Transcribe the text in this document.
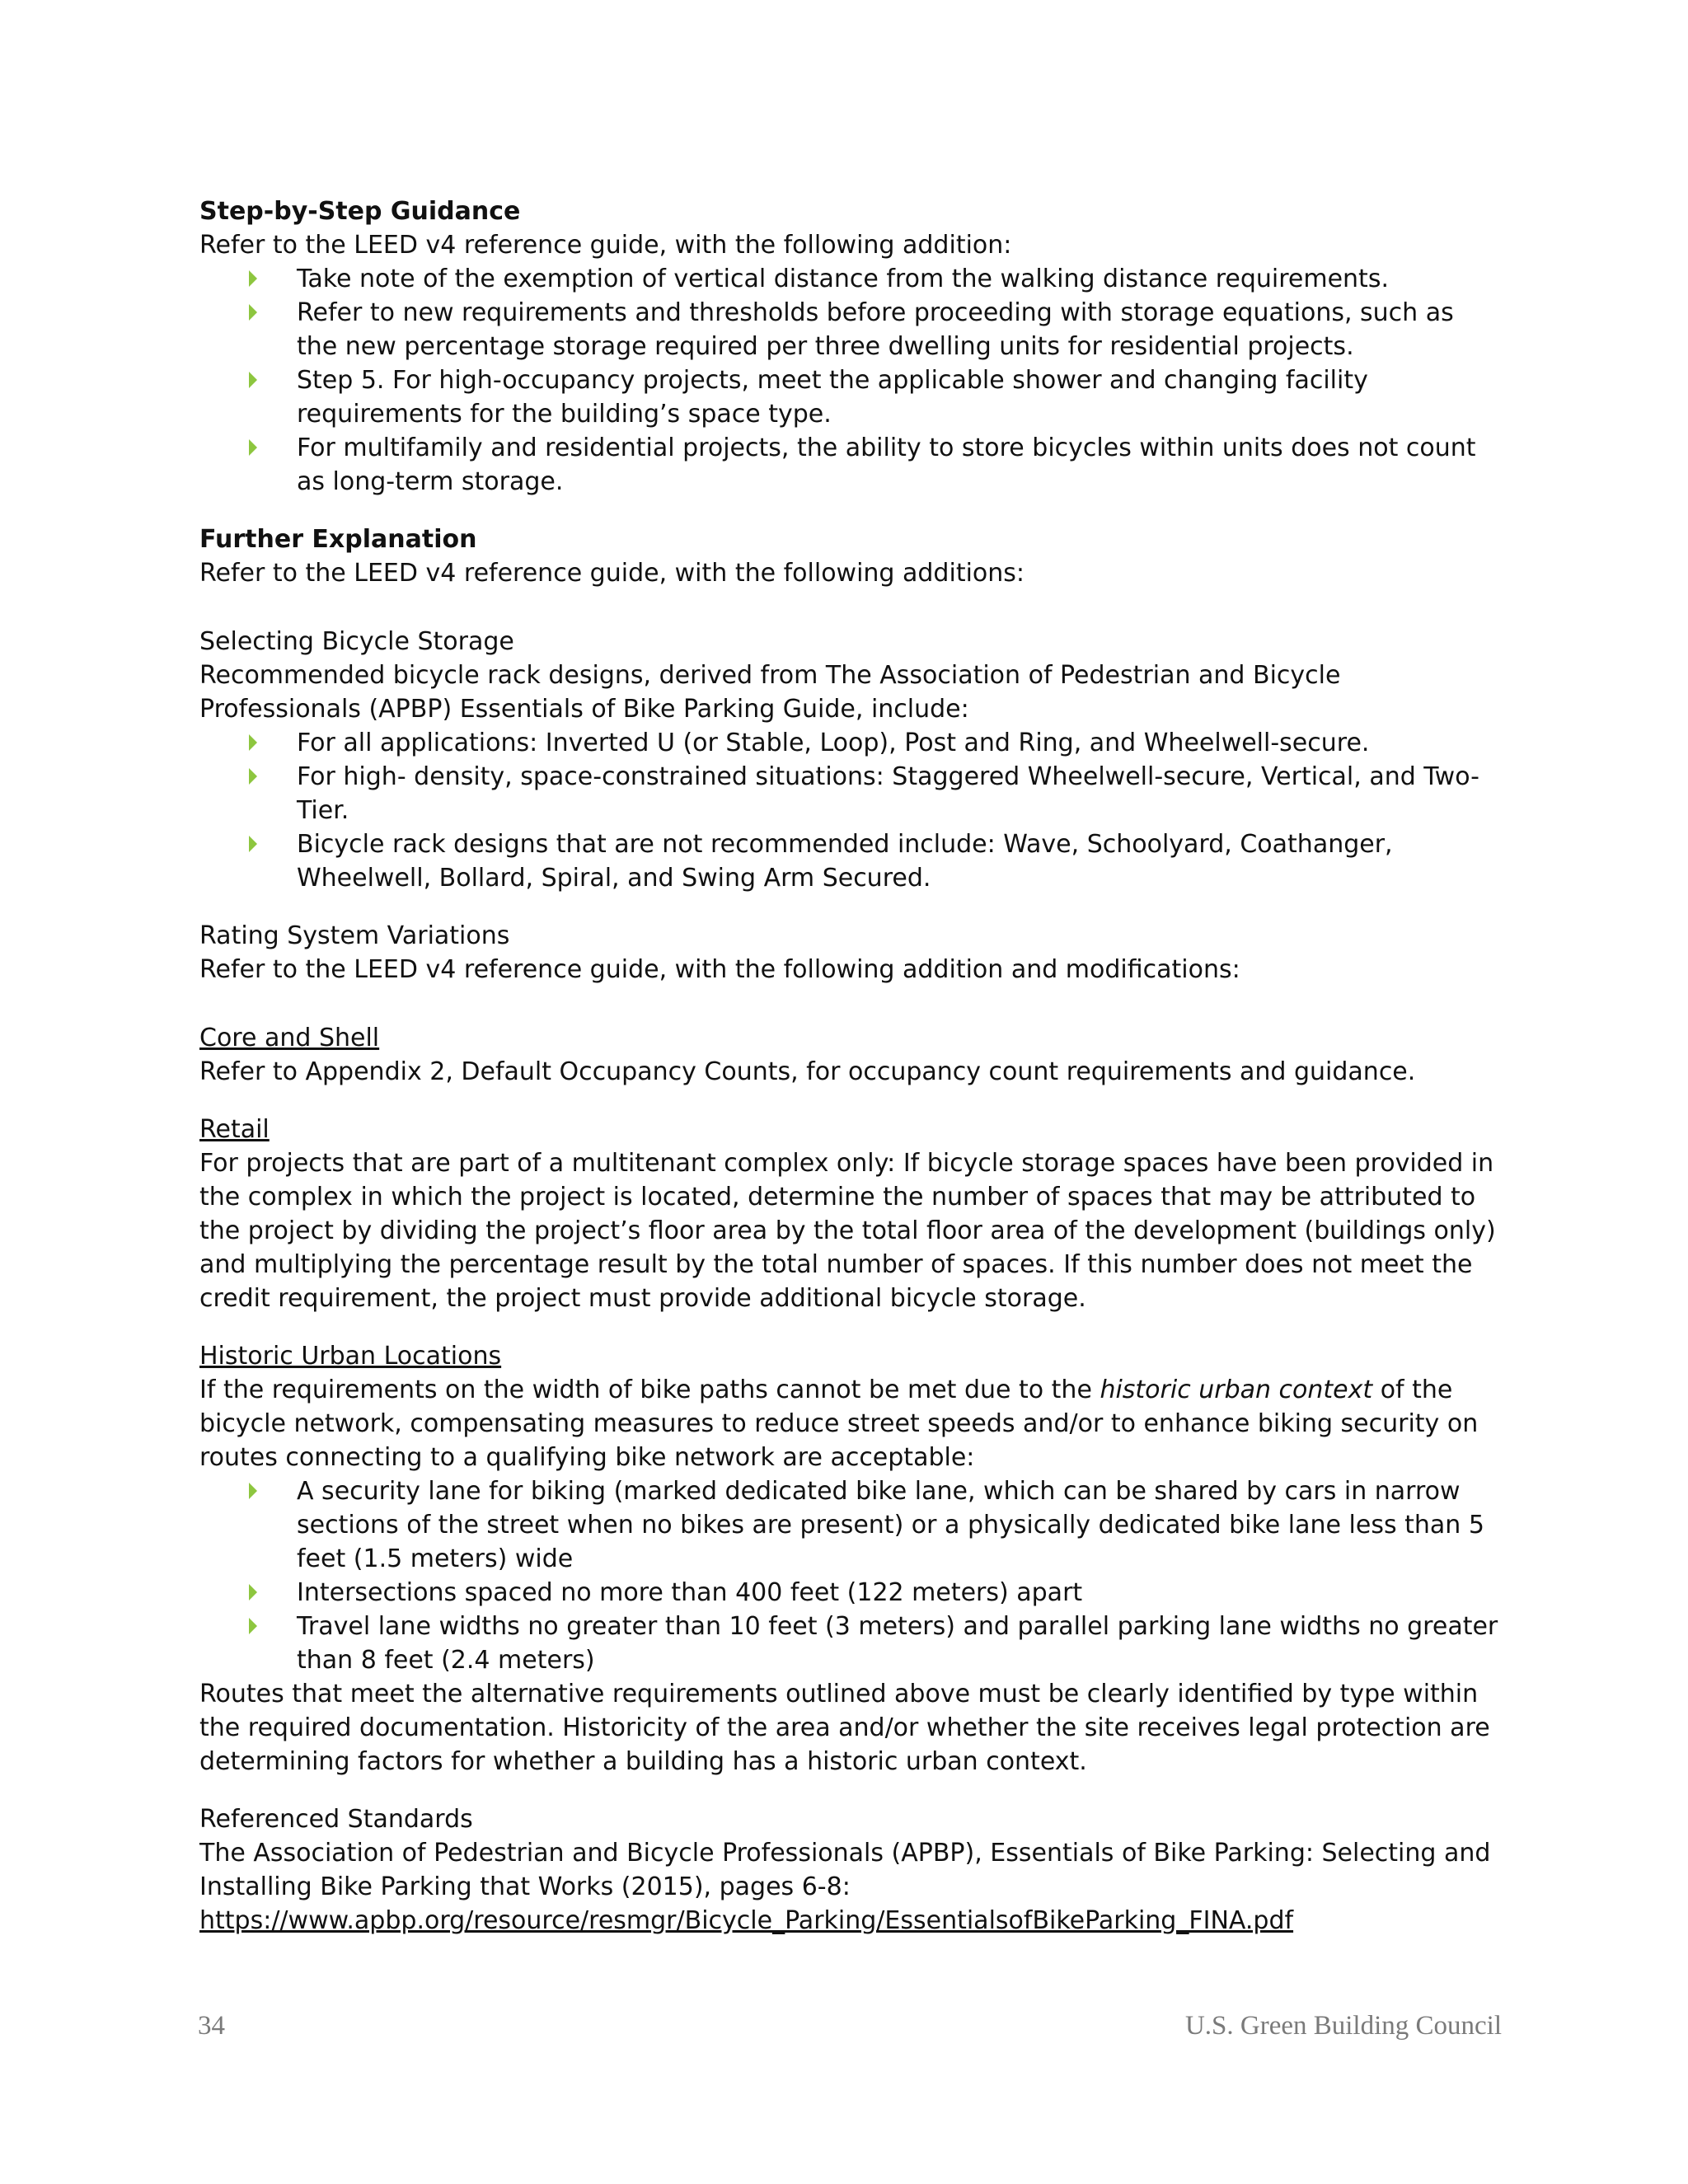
Step-by-Step Guidance

Refer to the LEED v4 reference guide, with the following addition:

Take note of the exemption of vertical distance from the walking distance requirements.
Refer to new requirements and thresholds before proceeding with storage equations, such as the new percentage storage required per three dwelling units for residential projects.
Step 5. For high-occupancy projects, meet the applicable shower and changing facility requirements for the building’s space type.
For multifamily and residential projects, the ability to store bicycles within units does not count as long-term storage.

Further Explanation

Refer to the LEED v4 reference guide, with the following additions:

Selecting Bicycle Storage

Recommended bicycle rack designs, derived from The Association of Pedestrian and Bicycle Professionals (APBP) Essentials of Bike Parking Guide, include:

For all applications: Inverted U (or Stable, Loop), Post and Ring, and Wheelwell-secure.
For high- density, space-constrained situations: Staggered Wheelwell-secure, Vertical, and Two-Tier.
Bicycle rack designs that are not recommended include: Wave, Schoolyard, Coathanger, Wheelwell, Bollard, Spiral, and Swing Arm Secured.

Rating System Variations

Refer to the LEED v4 reference guide, with the following addition and modifications:

Core and Shell

Refer to Appendix 2, Default Occupancy Counts, for occupancy count requirements and guidance.

Retail

For projects that are part of a multitenant complex only: If bicycle storage spaces have been provided in the complex in which the project is located, determine the number of spaces that may be attributed to the project by dividing the project’s floor area by the total floor area of the development (buildings only) and multiplying the percentage result by the total number of spaces. If this number does not meet the credit requirement, the project must provide additional bicycle storage.

Historic Urban Locations

If the requirements on the width of bike paths cannot be met due to the historic urban context of the bicycle network, compensating measures to reduce street speeds and/or to enhance biking security on routes connecting to a qualifying bike network are acceptable:

A security lane for biking (marked dedicated bike lane, which can be shared by cars in narrow sections of the street when no bikes are present) or a physically dedicated bike lane less than 5 feet (1.5 meters) wide
Intersections spaced no more than 400 feet (122 meters) apart
Travel lane widths no greater than 10 feet (3 meters) and parallel parking lane widths no greater than 8 feet (2.4 meters)

Routes that meet the alternative requirements outlined above must be clearly identified by type within the required documentation. Historicity of the area and/or whether the site receives legal protection are determining factors for whether a building has a historic urban context.

Referenced Standards

The Association of Pedestrian and Bicycle Professionals (APBP), Essentials of Bike Parking: Selecting and Installing Bike Parking that Works (2015), pages 6-8:

https://www.apbp.org/resource/resmgr/Bicycle_Parking/EssentialsofBikeParking_FINA.pdf

34	U.S. Green Building Council
